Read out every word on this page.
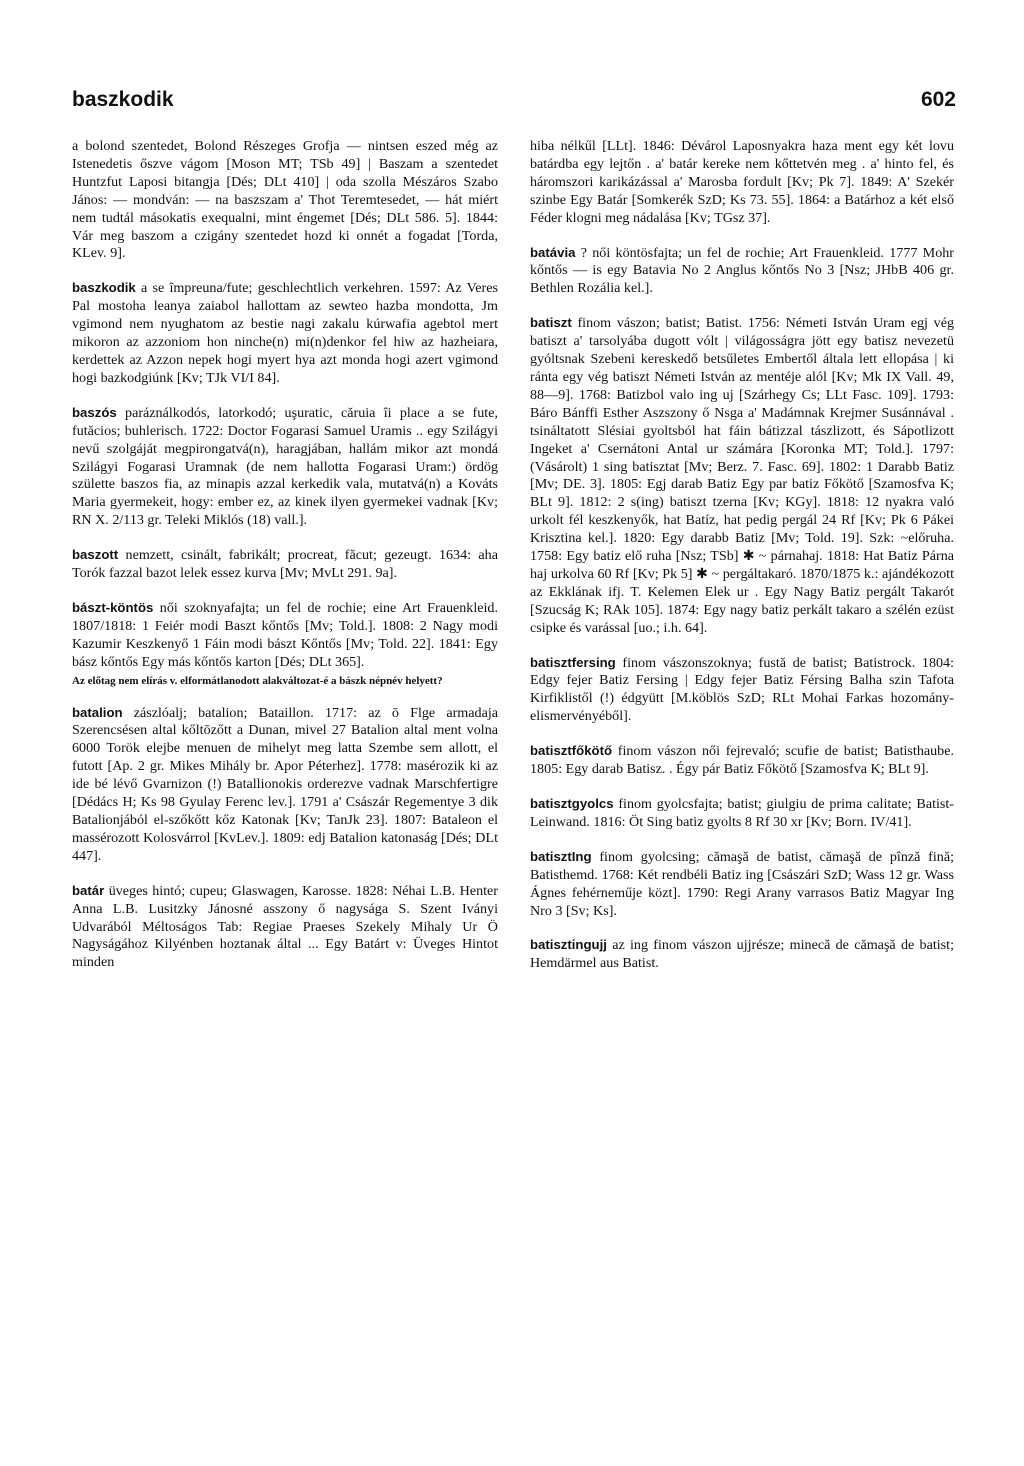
baszkodik	602

a bolond szentedet, Bolond Részeges Grofja — nintsen eszed még az Istenedetis őszve vágom [Moson MT; TSb 49] | Baszam a szentedet Huntzfut Laposi bitangja [Dés; DLt 410] | oda szolla Mészáros Szabo János: — mondván: — na baszszam a' Thot Teremtesedet, — hát miért nem tudtál másokatis exequalni, mint éngemet [Dés; DLt 586. 5]. 1844: Vár meg baszom a czigány szentedet hozd ki onnét a fogadat [Torda, KLev. 9].

baszkodik a se împreuna/fute; geschlechtlich verkehren. 1597: Az Veres Pal mostoha leanya zaiabol hallottam az sewteo hazba mondotta, Jm vgimond nem nyughatom az bestie nagi zakalu kúrwafia agebtol mert mikoron az azzoniom hon ninche(n) mi(n)denkor fel hiw az hazheiara, kerdettek az Azzon nepek hogi myert hya azt monda hogi azert vgimond hogi bazkodgiúnk [Kv; TJk VI/I 84].

baszós paráználkodós, latorkodó; uşuratic, căruia îi place a se fute, futăcios; buhlerisch. 1722: Doctor Fogarasi Samuel Uramis .. egy Szilágyi nevű szolgáját megpirongatvá(n), haragjában, hallám mikor azt mondá Szilágyi Fogarasi Uramnak (de nem hallotta Fogarasi Uram:) ördög születte baszos fia, az minapis azzal kerkedik vala, mutatvá(n) a Kováts Maria gyermekeit, hogy: ember ez, az kinek ilyen gyermekei vadnak [Kv; RN X. 2/113 gr. Teleki Miklós (18) vall.].

baszott nemzett, csinált, fabrikált; procreat, făcut; gezeugt. 1634: aha Torók fazzal bazot lelek essez kurva [Mv; MvLt 291. 9a].

bászt-köntös női szoknyafajta; un fel de rochie; eine Art Frauenkleid. 1807/1818: 1 Feiér modi Baszt kőntős [Mv; Told.]. 1808: 2 Nagy modi Kazumir Keszkenyő 1 Fáin modi bászt Kőntős [Mv; Told. 22]. 1841: Egy bász kőntős Egy más kőntős karton [Dés; DLt 365].

Az előtag nem elírás v. elformátlanodott alakváltozat-é a bászk népnév helyett?

batalion zászlóalj; batalion; Bataillon. 1717: az ō Flge armadaja Szerencsésen altal kőltōzőtt a Dunan, mivel 27 Batalion altal ment volna 6000 Torök elejbe menuen de mihelyt meg latta Szembe sem allott, el futott [Ap. 2 gr. Mikes Mihály br. Apor Péterhez]. 1778: masérozik ki az ide bé lévő Gvarnizon (!) Batallionokis orderezve vadnak Marschfertigre [Dédács H; Ks 98 Gyulay Ferenc lev.]. 1791 a' Császár Regementye 3 dik Batalionjából el-szőkőtt kőz Katonak [Kv; TanJk 23]. 1807: Bataleon el massérozott Kolosvárrol [KvLev.]. 1809: edj Batalion katonaság [Dés; DLt 447].

batár üveges hintó; cupeu; Glaswagen, Karosse. 1828: Néhai L.B. Henter Anna L.B. Lusitzky Jánosné asszony ő nagysága S. Szent Iványi Udvarából Méltoságos Tab: Regiae Praeses Szekely Mihaly Ur Ö Nagyságához Kilyénben hoztanak által ... Egy Batárt v: Üveges Hintot minden

hiba nélkűl [LLt]. 1846: Dévárol Laposnyakra haza ment egy két lovu batárdba egy lejtőn . a' batár kereke nem kőttetvén meg . a' hinto fel, és háromszori karikázással a' Marosba fordult [Kv; Pk 7]. 1849: A' Szekér szinbe Egy Batár [Somkerék SzD; Ks 73. 55]. 1864: a Batárhoz a két első Féder klogni meg nádalása [Kv; TGsz 37].

batávia ? női köntösfajta; un fel de rochie; Art Frauenkleid. 1777 Mohr kőntős — is egy Batavia No 2 Anglus kőntős No 3 [Nsz; JHbB 406 gr. Bethlen Rozália kel.].

batiszt finom vászon; batist; Batist. 1756: Németi István Uram egj vég batiszt a' tarsolyába dugott vólt | világosságra jött egy batisz nevezetü gyóltsnak Szebeni kereskedő betsűletes Embertől általa lett ellopása | ki rántа egy vég batiszt Németi István az mentéje alól [Kv; Mk IX Vall. 49, 88—9]. 1768: Batizbol valo ing uj [Szárhegy Cs; LLt Fasc. 109]. 1793: Báro Bánffi Esther Aszszony ő Nsga a' Madámnak Krejmer Susánnával . tsináltatott Slésiai gyoltsból hat fáin bátizzal tászlizott, és Sápotlizott Ingeket a' Csernátoni Antal ur számára [Koronka MT; Told.]. 1797: (Vásárolt) 1 sing batisztat [Mv; Berz. 7. Fasc. 69]. 1802: 1 Darabb Batiz [Mv; DE. 3]. 1805: Egj darab Batiz Egy par batiz Főkötő [Szamosfva K; BLt 9]. 1812: 2 s(ing) batiszt tzerna [Kv; KGy]. 1818: 12 nyakra való urkolt fél keszkenyők, hat Batíz, hat pedig pergál 24 Rf [Kv; Pk 6 Pákei Krisztina kel.]. 1820: Egy darabb Batiz [Mv; Told. 19]. Szk: ~előruha. 1758: Egy batiz elő ruha [Nsz; TSb] ✱ ~ párnahaj. 1818: Hat Batiz Párna haj urkolva 60 Rf [Kv; Pk 5] ✱ ~ pergáltakaró. 1870/1875 k.: ajándékozott az Ekklának ifj. T. Kelemen Elek ur . Egy Nagy Batiz pergált Takarót [Szucság K; RAk 105]. 1874: Egy nagy batiz perkált takaro a szélén ezüst csipke és varással [uo.; i.h. 64].

batisztfersing finom vászonszoknya; fustă de batist; Batistrock. 1804: Edgy fejer Batiz Fersing | Edgy fejer Batiz Férsing Balha szin Tafota Kirfiklistől (!) édgyütt [M.köblös SzD; RLt Mohai Farkas hozomány-elismervényéből].

batisztfőkötő finom vászon női fejrevaló; scufie de batist; Batisthaube. 1805: Egy darab Batisz. . Égy pár Batiz Főkötő [Szamosfva K; BLt 9].

batisztgyolcs finom gyolcsfajta; batist; giulgiu de prima calitate; Batist-Leinwand. 1816: Öt Sing batiz gyolts 8 Rf 30 xr [Kv; Born. IV/41].

batisztIng finom gyolcsing; cămaşă de batist, cămaşă de pînză fină; Batisthemd. 1768: Két rendbéli Batiz ing [Császári SzD; Wass 12 gr. Wass Ágnes fehérneműje közt]. 1790: Regi Arany varrasos Batiz Magyar Ing Nro 3 [Sv; Ks].

batisztingujj az ing finom vászon ujjrésze; minecă de cămaşă de batist; Hemdärmel aus Batist.
